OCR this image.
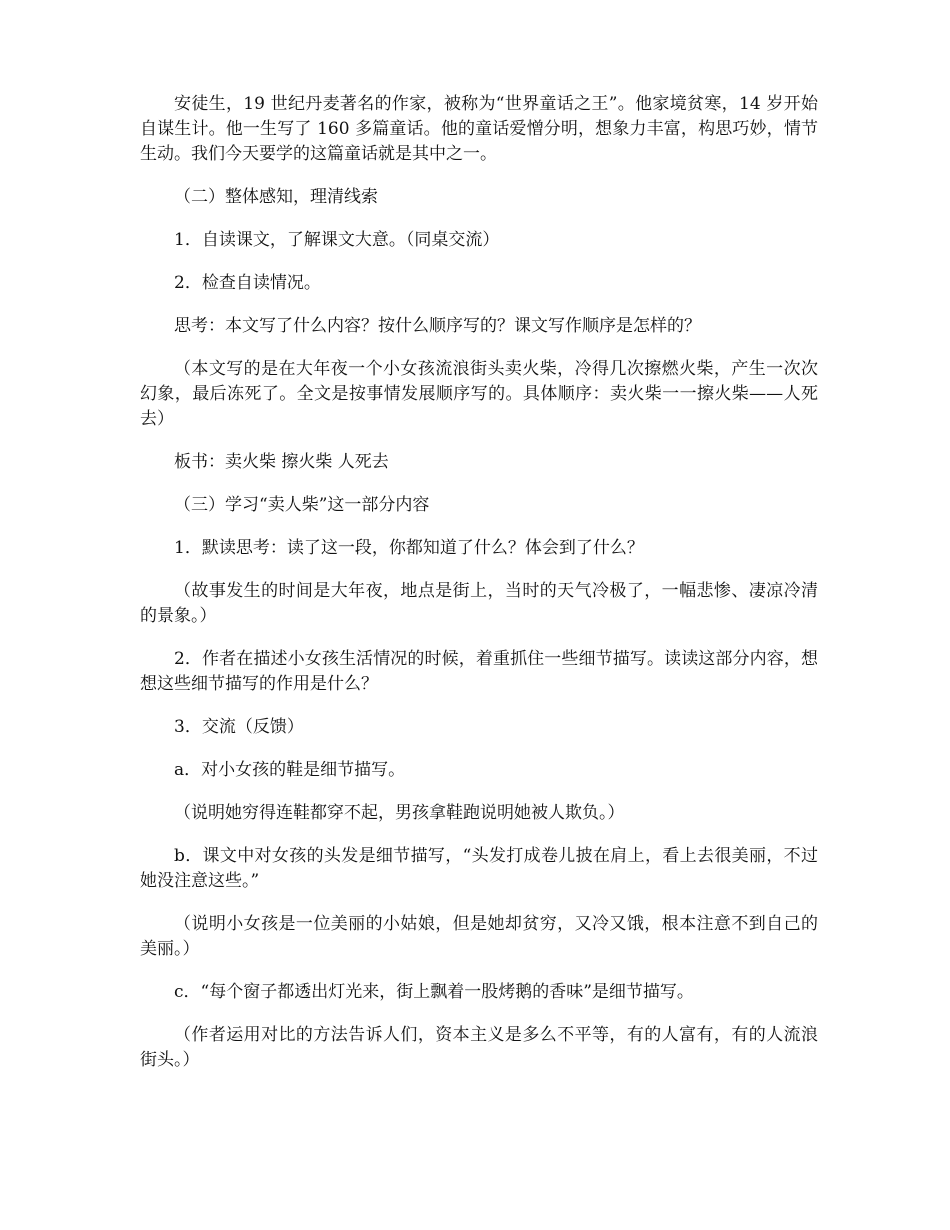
安徒生，19 世纪丹麦著名的作家，被称为“世界童话之王”。他家境贫寒，14 岁开始自谋生计。他一生写了 160 多篇童话。他的童话爱憎分明，想象力丰富，构思巧妙，情节生动。我们今天要学的这篇童话就是其中之一。

（二）整体感知，理清线索

1．自读课文，了解课文大意。（同桌交流）

2．检查自读情况。

思考：本文写了什么内容？按什么顺序写的？课文写作顺序是怎样的？

（本文写的是在大年夜一个小女孩流浪街头卖火柴，冷得几次擦燃火柴，产生一次次幻象，最后冻死了。全文是按事情发展顺序写的。具体顺序：卖火柴一一擦火柴——人死去）

板书：卖火柴 擦火柴 人死去

（三）学习“卖人柴”这一部分内容

1．默读思考：读了这一段，你都知道了什么？体会到了什么？

（故事发生的时间是大年夜，地点是街上，当时的天气冷极了，一幅悲惨、凄凉冷清的景象。）

2．作者在描述小女孩生活情况的时候，着重抓住一些细节描写。读读这部分内容，想想这些细节描写的作用是什么？

3．交流（反馈）

a．对小女孩的鞋是细节描写。

（说明她穷得连鞋都穿不起，男孩拿鞋跑说明她被人欺负。）

b．课文中对女孩的头发是细节描写，“头发打成卷儿披在肩上，看上去很美丽，不过她没注意这些。”

（说明小女孩是一位美丽的小姑娘，但是她却贫穷，又冷又饿，根本注意不到自己的美丽。）

c．“每个窗子都透出灯光来，街上飘着一股烤鹅的香味”是细节描写。

（作者运用对比的方法告诉人们，资本主义是多么不平等，有的人富有，有的人流浪街头。）
